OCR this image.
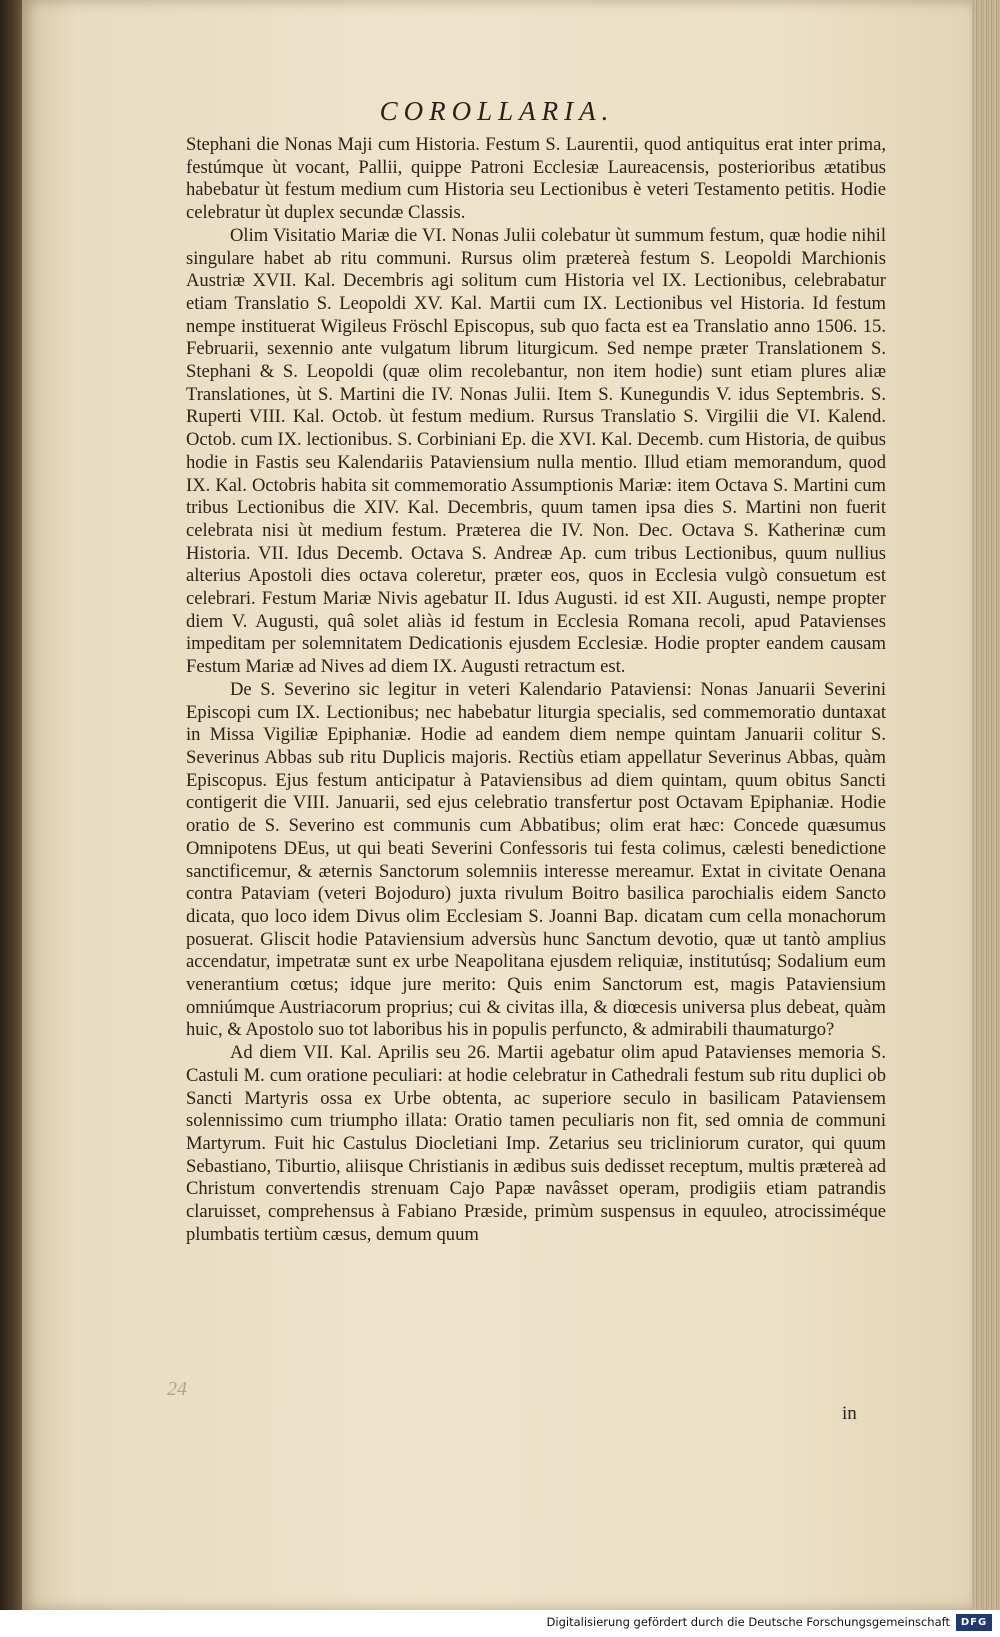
COROLLARIA.

Stephani die Nonas Maji cum Historia. Festum S. Laurentii, quod antiquitus erat inter prima, festúmque ùt vocant, Pallii, quippe Patroni Ecclesiæ Laureacensis, posterioribus ætatibus habebatur ùt festum medium cum Historia seu Lectionibus è veteri Testamento petitis. Hodie celebratur ùt duplex secundæ Classis.

Olim Visitatio Mariæ die VI. Nonas Julii colebatur ùt summum festum, quæ hodie nihil singulare habet ab ritu communi. Rursus olim prætereà festum S. Leopoldi Marchionis Austriæ XVII. Kal. Decembris agi solitum cum Historia vel IX. Lectionibus, celebrabatur etiam Translatio S. Leopoldi XV. Kal. Martii cum IX. Lectionibus vel Historia. Id festum nempe instituerat Wigileus Fröschl Episcopus, sub quo facta est ea Translatio anno 1506. 15. Februarii, sexennio ante vulgatum librum liturgicum. Sed nempe præter Translationem S. Stephani & S. Leopoldi (quæ olim recolebantur, non item hodie) sunt etiam plures aliæ Translationes, ùt S. Martini die IV. Nonas Julii. Item S. Kunegundis V. idus Septembris. S. Ruperti VIII. Kal. Octob. ùt festum medium. Rursus Translatio S. Virgilii die VI. Kalend. Octob. cum IX. lectionibus. S. Corbiniani Ep. die XVI. Kal. Decemb. cum Historia, de quibus hodie in Fastis seu Kalendariis Pataviensium nulla mentio. Illud etiam memorandum, quod IX. Kal. Octobris habita sit commemoratio Assumptionis Mariæ: item Octava S. Martini cum tribus Lectionibus die XIV. Kal. Decembris, quum tamen ipsa dies S. Martini non fuerit celebrata nisi ùt medium festum. Præterea die IV. Non. Dec. Octava S. Katherinæ cum Historia. VII. Idus Decemb. Octava S. Andreæ Ap. cum tribus Lectionibus, quum nullius alterius Apostoli dies octava coleretur, præter eos, quos in Ecclesia vulgò consuetum est celebrari. Festum Mariæ Nivis agebatur II. Idus Augusti. id est XII. Augusti, nempe propter diem V. Augusti, quâ solet aliàs id festum in Ecclesia Romana recoli, apud Patavienses impeditam per solemnitatem Dedicationis ejusdem Ecclesiæ. Hodie propter eandem causam Festum Mariæ ad Nives ad diem IX. Augusti retractum est.

De S. Severino sic legitur in veteri Kalendario Pataviensi: Nonas Januarii Severini Episcopi cum IX. Lectionibus; nec habebatur liturgia specialis, sed commemoratio duntaxat in Missa Vigiliæ Epiphaniæ. Hodie ad eandem diem nempe quintam Januarii colitur S. Severinus Abbas sub ritu Duplicis majoris. Rectiùs etiam appellatur Severinus Abbas, quàm Episcopus. Ejus festum anticipatur à Pataviensibus ad diem quintam, quum obitus Sancti contigerit die VIII. Januarii, sed ejus celebratio transfertur post Octavam Epiphaniæ. Hodie oratio de S. Severino est communis cum Abbatibus; olim erat hæc: Concede quæsumus Omnipotens DEus, ut qui beati Severini Confessoris tui festa colimus, cælesti benedictione sanctificemur, & æternis Sanctorum solemniis interesse mereamur. Extat in civitate Oenana contra Pataviam (veteri Bojoduro) juxta rivulum Boitro basilica parochialis eidem Sancto dicata, quo loco idem Divus olim Ecclesiam S. Joanni Bap. dicatam cum cella monachorum posuerat. Gliscit hodie Pataviensium adversùs hunc Sanctum devotio, quæ ut tantò amplius accendatur, impetratæ sunt ex urbe Neapolitana ejusdem reliquiæ, institutúsq; Sodalium eum venerantium cœtus; idque jure merito: Quis enim Sanctorum est, magis Pataviensium omniúmque Austriacorum proprius; cui & civitas illa, & diœcesis universa plus debeat, quàm huic, & Apostolo suo tot laboribus his in populis perfuncto, & admirabili thaumaturgo?

Ad diem VII. Kal. Aprilis seu 26. Martii agebatur olim apud Patavienses memoria S. Castuli M. cum oratione peculiari: at hodie celebratur in Cathedrali festum sub ritu duplici ob Sancti Martyris ossa ex Urbe obtenta, ac superiore seculo in basilicam Pataviensem solennissimo cum triumpho illata: Oratio tamen peculiaris non fit, sed omnia de communi Martyrum. Fuit hic Castulus Diocletiani Imp. Zetarius seu tricliniorum curator, qui quum Sebastiano, Tiburtio, aliisque Christianis in ædibus suis dedisset receptum, multis prætereà ad Christum convertendis strenuam Cajo Papæ navâsset operam, prodigiis etiam patrandis claruisset, comprehensus à Fabiano Præside, primùm suspensus in equuleo, atrocissiméque plumbatis tertiùm cæsus, demum quum

24
in
Digitalisierung gefördert durch die Deutsche Forschungsgemeinschaft	DFG
